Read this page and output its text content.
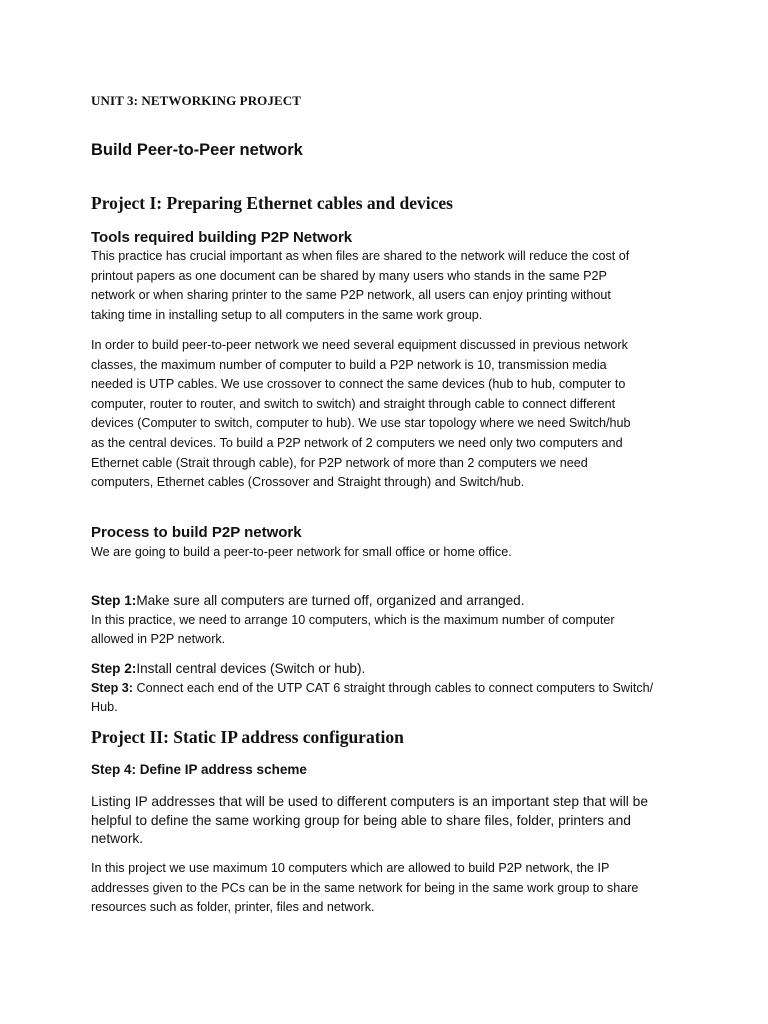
UNIT 3: NETWORKING PROJECT
Build Peer-to-Peer network
Project I: Preparing Ethernet cables and devices
Tools required building P2P Network
This practice has crucial important as when files are shared to the network will reduce the cost of
printout papers as one document can be shared by many users who stands in the same P2P
network or when sharing printer to the same P2P network, all users can enjoy printing without
taking time in installing setup to all computers in the same work group.
In order to build peer-to-peer network we need several equipment discussed in previous network
classes, the maximum number of computer to build a P2P network is 10, transmission media
needed is UTP cables. We use crossover to connect the same devices (hub to hub, computer to
computer, router to router, and switch to switch) and straight through cable to connect different
devices (Computer to switch, computer to hub). We use star topology where we need Switch/hub
as the central devices. To build a P2P network of 2 computers we need only two computers and
Ethernet cable (Strait through cable), for P2P network of more than 2 computers we need
computers, Ethernet cables (Crossover and Straight through) and Switch/hub.
Process to build P2P network
We are going to build a peer-to-peer network for small office or home office.
Step 1:Make sure all computers are turned off, organized and arranged.
In this practice, we need to arrange 10 computers, which is the maximum number of computer
allowed in P2P network.
Step 2:Install central devices (Switch or hub).
Step 3: Connect each end of the UTP CAT 6 straight through cables to connect computers to Switch/
Hub.
Project II: Static IP address configuration
Step 4: Define IP address scheme
Listing IP addresses that will be used to different computers is an important step that will be
helpful to define the same working group for being able to share files, folder, printers and
network.
In this project we use maximum 10 computers which are allowed to build P2P network, the IP
addresses given to the PCs can be in the same network for being in the same work group to share
resources such as folder, printer, files and network.
